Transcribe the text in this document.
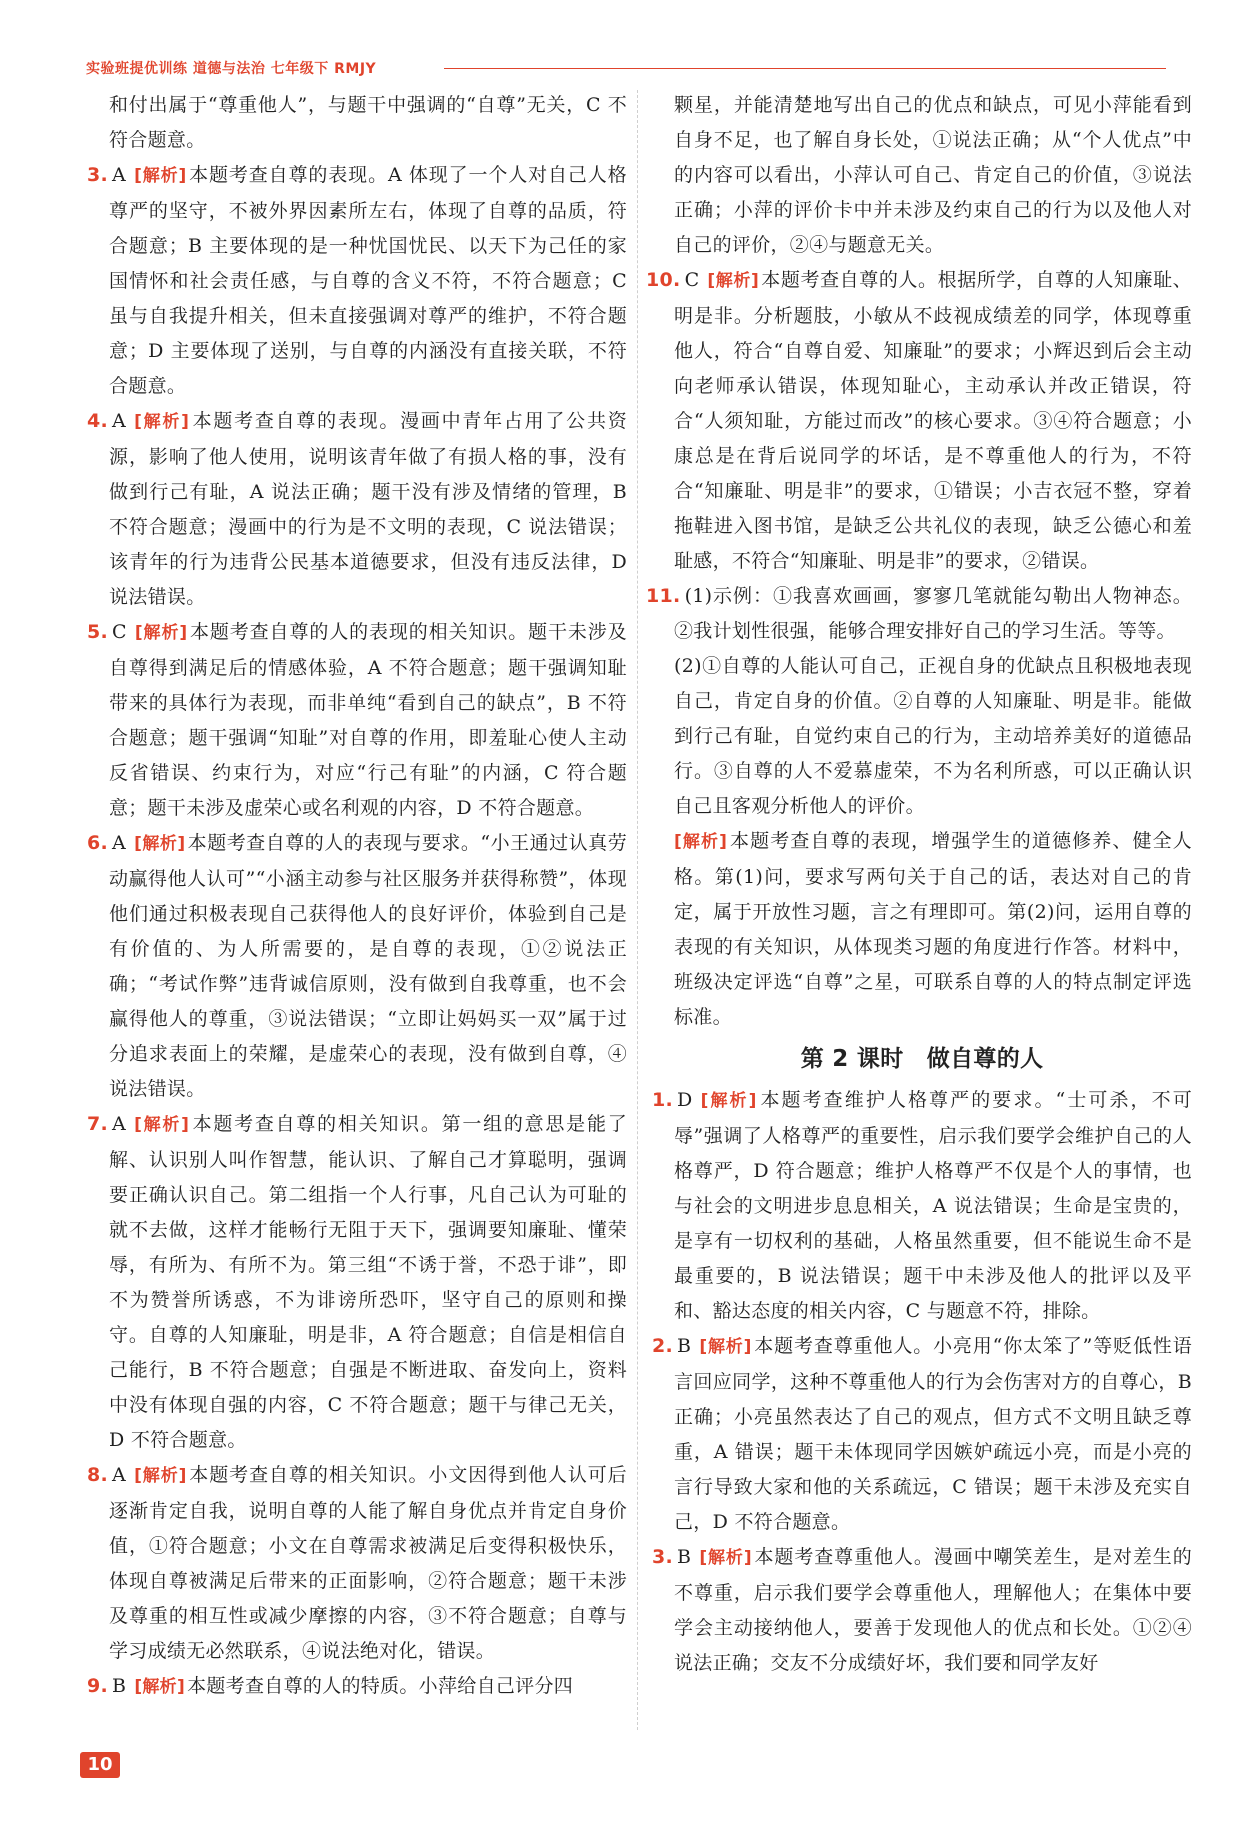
实验班提优训练 道德与法治 七年级下 RMJY
和付出属于“尊重他人”，与题干中强调的“自尊”无关，C 不符合题意。
3. A [解析] 本题考查自尊的表现。A 体现了一个人对自己人格尊严的坚守，不被外界因素所左右，体现了自尊的品质，符合题意；B 主要体现的是一种忧国忧民、以天下为己任的家国情怀和社会责任感，与自尊的含义不符，不符合题意；C 虽与自我提升相关，但未直接强调对尊严的维护，不符合题意；D 主要体现了送别，与自尊的内涵没有直接关联，不符合题意。
4. A [解析] 本题考查自尊的表现。漫画中青年占用了公共资源，影响了他人使用，说明该青年做了有损人格的事，没有做到行己有耻，A 说法正确；题干没有涉及情绪的管理，B 不符合题意；漫画中的行为是不文明的表现，C 说法错误；该青年的行为违背公民基本道德要求，但没有违反法律，D 说法错误。
5. C [解析] 本题考查自尊的人的表现的相关知识。题干未涉及自尊得到满足后的情感体验，A 不符合题意；题干强调知耻带来的具体行为表现，而非单纯“看到自己的缺点”，B 不符合题意；题干强调“知耻”对自尊的作用，即羞耻心使人主动反省错误、约束行为，对应“行己有耻”的内涵，C 符合题意；题干未涉及虚荣心或名利观的内容，D 不符合题意。
6. A [解析] 本题考查自尊的人的表现与要求。“小王通过认真劳动赢得他人认可”“小涵主动参与社区服务并获得称赞”，体现他们通过积极表现自己获得他人的良好评价，体验到自己是有价值的、为人所需要的，是自尊的表现，①②说法正确；“考试作弊”违背诚信原则，没有做到自我尊重，也不会赢得他人的尊重，③说法错误；“立即让妈妈买一双”属于过分追求表面上的荣耀，是虚荣心的表现，没有做到自尊，④说法错误。
7. A [解析] 本题考查自尊的相关知识。第一组的意思是能了解、认识别人叫作智慧，能认识、了解自己才算聪明，强调要正确认识自己。第二组指一个人行事，凡自己认为可耻的就不去做，这样才能畅行无阻于天下，强调要知廉耻、懂荣辱，有所为、有所不为。第三组“不诱于誉，不恐于诽”，即不为赞誉所诱惑，不为诽谤所恐吓，坚守自己的原则和操守。自尊的人知廉耻，明是非，A 符合题意；自信是相信自己能行，B 不符合题意；自强是不断进取、奋发向上，资料中没有体现自强的内容，C 不符合题意；题干与律己无关，D 不符合题意。
8. A [解析] 本题考查自尊的相关知识。小文因得到他人认可后逐渐肯定自我，说明自尊的人能了解自身优点并肯定自身价值，①符合题意；小文在自尊需求被满足后变得积极快乐，体现自尊被满足后带来的正面影响，②符合题意；题干未涉及尊重的相互性或减少摩擦的内容，③不符合题意；自尊与学习成绩无必然联系，④说法绝对化，错误。
9. B [解析] 本题考查自尊的人的特质。小萍给自己评分四
颗星，并能清楚地写出自己的优点和缺点，可见小萍能看到自身不足，也了解自身长处，①说法正确；从“个人优点”中的内容可以看出，小萍认可自己、肯定自己的价值，③说法正确；小萍的评价卡中并未涉及约束自己的行为以及他人对自己的评价，②④与题意无关。
10. C [解析] 本题考查自尊的人。根据所学，自尊的人知廉耻、明是非。分析题肢，小敏从不歧视成绩差的同学，体现尊重他人，符合“自尊自爱、知廉耻”的要求；小辉迟到后会主动向老师承认错误，体现知耻心，主动承认并改正错误，符合“人须知耻，方能过而改”的核心要求。③④符合题意；小康总是在背后说同学的坏话，是不尊重他人的行为，不符合“知廉耻、明是非”的要求，①错误；小吉衣冠不整，穿着拖鞋进入图书馆，是缺乏公共礼仪的表现，缺乏公德心和羞耻感，不符合“知廉耻、明是非”的要求，②错误。
11. (1)示例：①我喜欢画画，寥寥几笔就能勾勒出人物神态。②我计划性很强，能够合理安排好自己的学习生活。等等。
(2)①自尊的人能认可自己，正视自身的优缺点且积极地表现自己，肯定自身的价值。②自尊的人知廉耻、明是非。能做到行己有耻，自觉约束自己的行为，主动培养美好的道德品行。③自尊的人不爱慕虚荣，不为名利所惑，可以正确认识自己且客观分析他人的评价。
[解析] 本题考查自尊的表现，增强学生的道德修养、健全人格。第(1)问，要求写两句关于自己的话，表达对自己的肯定，属于开放性习题，言之有理即可。第(2)问，运用自尊的表现的有关知识，从体现类习题的角度进行作答。材料中，班级决定评选“自尊”之星，可联系自尊的人的特点制定评选标准。
第 2 课时　做自尊的人
1. D [解析] 本题考查维护人格尊严的要求。“士可杀，不可辱”强调了人格尊严的重要性，启示我们要学会维护自己的人格尊严，D 符合题意；维护人格尊严不仅是个人的事情，也与社会的文明进步息息相关，A 说法错误；生命是宝贵的，是享有一切权利的基础，人格虽然重要，但不能说生命不是最重要的，B 说法错误；题干中未涉及他人的批评以及平和、豁达态度的相关内容，C 与题意不符，排除。
2. B [解析] 本题考查尊重他人。小亮用“你太笨了”等贬低性语言回应同学，这种不尊重他人的行为会伤害对方的自尊心，B 正确；小亮虽然表达了自己的观点，但方式不文明且缺乏尊重，A 错误；题干未体现同学因嫉妒疏远小亮，而是小亮的言行导致大家和他的关系疏远，C 错误；题干未涉及充实自己，D 不符合题意。
3. B [解析] 本题考查尊重他人。漫画中嘲笑差生，是对差生的不尊重，启示我们要学会尊重他人，理解他人；在集体中要学会主动接纳他人，要善于发现他人的优点和长处。①②④说法正确；交友不分成绩好坏，我们要和同学友好
10
